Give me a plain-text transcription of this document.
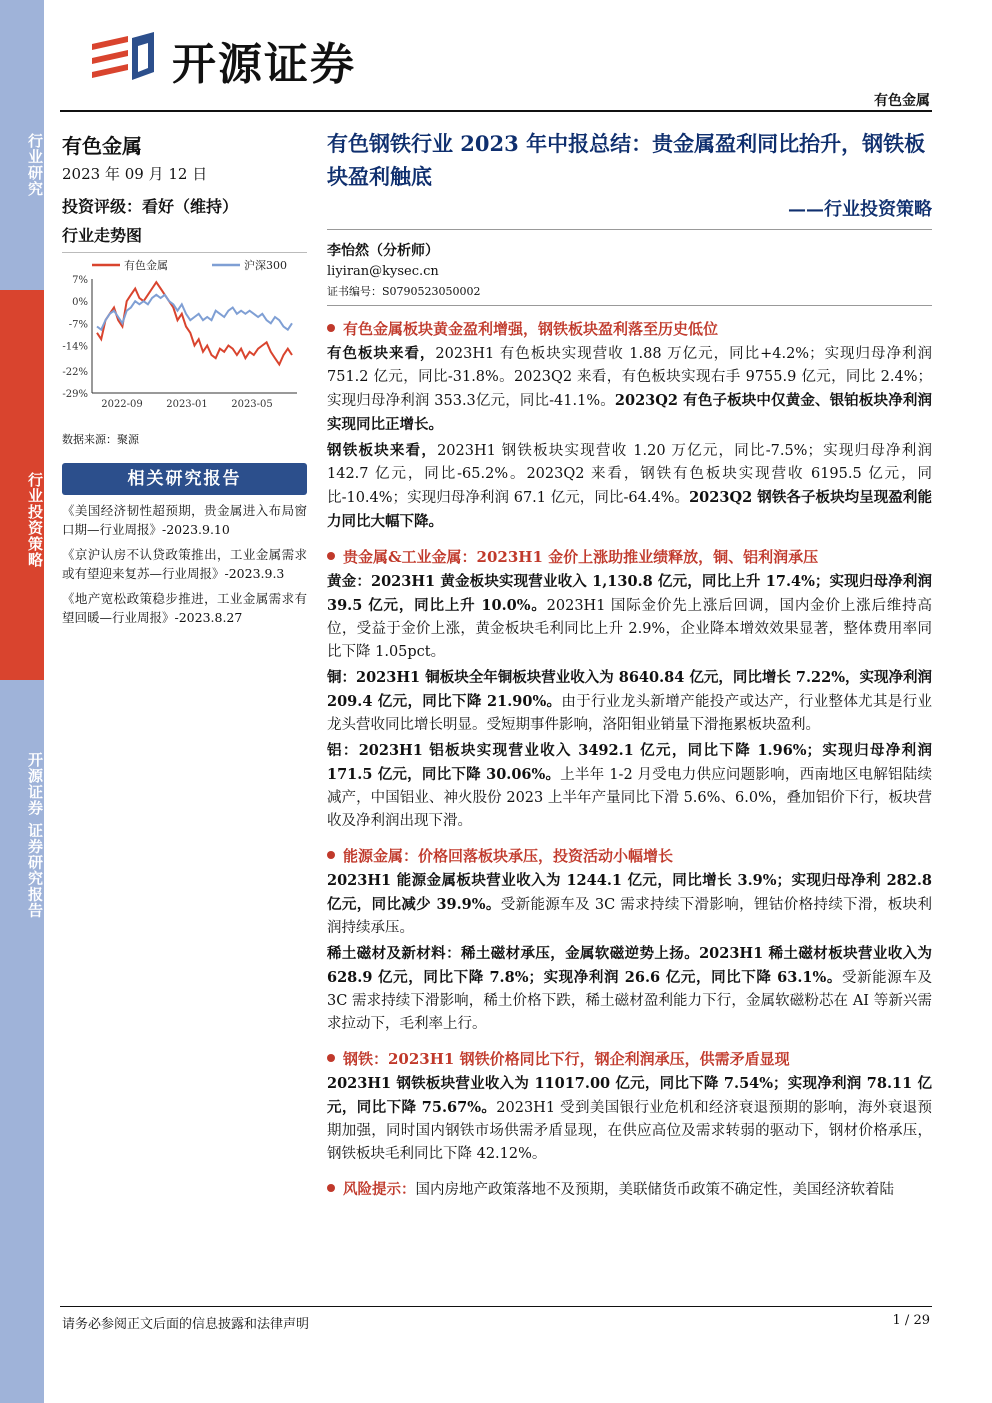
行业研究
行业投资策略
开源证券 证券研究报告
开源证券
有色金属
有色金属
2023 年 09 月 12 日
投资评级：看好（维持）
行业走势图
7%
0%
-7%
-14%
-22%
-29%
2022-09 2023-01 2023-05
有色金属	沪深300
数据来源：聚源
相关研究报告
《美国经济韧性超预期，贵金属进入布局窗口期—行业周报》-2023.9.10
《京沪认房不认贷政策推出，工业金属需求或有望迎来复苏—行业周报》-2023.9.3
《地产宽松政策稳步推进，工业金属需求有望回暖—行业周报》-2023.8.27
有色钢铁行业 2023 年中报总结：贵金属盈利同比抬升，钢铁板块盈利触底
——行业投资策略
李怡然（分析师）
liyiran@kysec.cn
证书编号：S0790523050002
有色金属板块黄金盈利增强，钢铁板块盈利落至历史低位
有色板块来看，2023H1 有色板块实现营收 1.88 万亿元，同比+4.2%；实现归母净利润 751.2 亿元，同比-31.8%。2023Q2 来看，有色板块实现右手 9755.9 亿元，同比 2.4%；实现归母净利润 353.3亿元，同比-41.1%。2023Q2 有色子板块中仅黄金、银铂板块净利润实现同比正增长。
钢铁板块来看，2023H1 钢铁板块实现营收 1.20 万亿元，同比-7.5%；实现归母净利润 142.7 亿元，同比-65.2%。2023Q2 来看，钢铁有色板块实现营收 6195.5 亿元，同比-10.4%；实现归母净利润 67.1 亿元，同比-64.4%。2023Q2 钢铁各子板块均呈现盈利能力同比大幅下降。
贵金属&工业金属：2023H1 金价上涨助推业绩释放，铜、铝利润承压
黄金：2023H1 黄金板块实现营业收入 1,130.8 亿元，同比上升 17.4%；实现归母净利润 39.5 亿元，同比上升 10.0%。2023H1 国际金价先上涨后回调，国内金价上涨后维持高位，受益于金价上涨，黄金板块毛利同比上升 2.9%，企业降本增效效果显著，整体费用率同比下降 1.05pct。
铜：2023H1 铜板块全年铜板块营业收入为 8640.84 亿元，同比增长 7.22%，实现净利润 209.4 亿元，同比下降 21.90%。由于行业龙头新增产能投产或达产，行业整体尤其是行业龙头营收同比增长明显。受短期事件影响，洛阳钼业销量下滑拖累板块盈利。
铝：2023H1 铝板块实现营业收入 3492.1 亿元，同比下降 1.96%；实现归母净利润 171.5 亿元，同比下降 30.06%。上半年 1-2 月受电力供应问题影响，西南地区电解铝陆续减产，中国铝业、神火股份 2023 上半年产量同比下滑 5.6%、6.0%，叠加铝价下行，板块营收及净利润出现下滑。
能源金属：价格回落板块承压，投资活动小幅增长
2023H1 能源金属板块营业收入为 1244.1 亿元，同比增长 3.9%；实现归母净利 282.8 亿元，同比减少 39.9%。受新能源车及 3C 需求持续下滑影响，锂钴价格持续下滑，板块利润持续承压。
稀土磁材及新材料：稀土磁材承压，金属软磁逆势上扬。2023H1 稀土磁材板块营业收入为 628.9 亿元，同比下降 7.8%；实现净利润 26.6 亿元，同比下降 63.1%。受新能源车及 3C 需求持续下滑影响，稀土价格下跌，稀土磁材盈利能力下行，金属软磁粉芯在 AI 等新兴需求拉动下，毛利率上行。
钢铁：2023H1 钢铁价格同比下行，钢企利润承压，供需矛盾显现
2023H1 钢铁板块营业收入为 11017.00 亿元，同比下降 7.54%；实现净利润 78.11 亿元，同比下降 75.67%。2023H1 受到美国银行业危机和经济衰退预期的影响，海外衰退预期加强，同时国内钢铁市场供需矛盾显现，在供应高位及需求转弱的驱动下，钢材价格承压，钢铁板块毛利同比下降 42.12%。
风险提示：国内房地产政策落地不及预期，美联储货币政策不确定性，美国经济软着陆
请务必参阅正文后面的信息披露和法律声明	1 / 29
